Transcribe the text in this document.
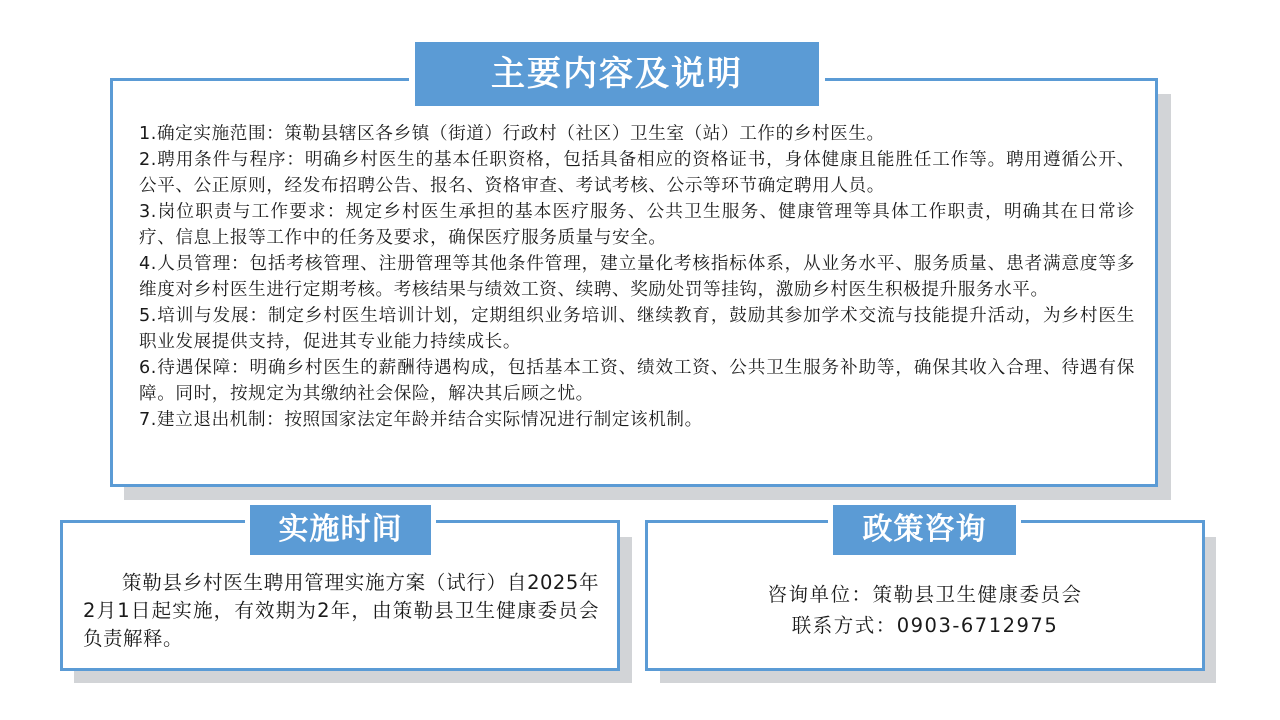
1.确定实施范围：策勒县辖区各乡镇（街道）行政村（社区）卫生室（站）工作的乡村医生。

2.聘用条件与程序：明确乡村医生的基本任职资格，包括具备相应的资格证书，身体健康且能胜任工作等。聘用遵循公开、公平、公正原则，经发布招聘公告、报名、资格审查、考试考核、公示等环节确定聘用人员。

3.岗位职责与工作要求：规定乡村医生承担的基本医疗服务、公共卫生服务、健康管理等具体工作职责，明确其在日常诊疗、信息上报等工作中的任务及要求，确保医疗服务质量与安全。

4.人员管理：包括考核管理、注册管理等其他条件管理，建立量化考核指标体系，从业务水平、服务质量、患者满意度等多维度对乡村医生进行定期考核。考核结果与绩效工资、续聘、奖励处罚等挂钩，激励乡村医生积极提升服务水平。

5.培训与发展：制定乡村医生培训计划，定期组织业务培训、继续教育，鼓励其参加学术交流与技能提升活动，为乡村医生职业发展提供支持，促进其专业能力持续成长。

6.待遇保障：明确乡村医生的薪酬待遇构成，包括基本工资、绩效工资、公共卫生服务补助等，确保其收入合理、待遇有保障。同时，按规定为其缴纳社会保险，解决其后顾之忧。

7.建立退出机制：按照国家法定年龄并结合实际情况进行制定该机制。

主要内容及说明
策勒县乡村医生聘用管理实施方案（试行）自2025年2月1日起实施，有效期为2年，由策勒县卫生健康委员会负责解释。
实施时间
咨询单位：策勒县卫生健康委员会
联系方式：0903-6712975
政策咨询
